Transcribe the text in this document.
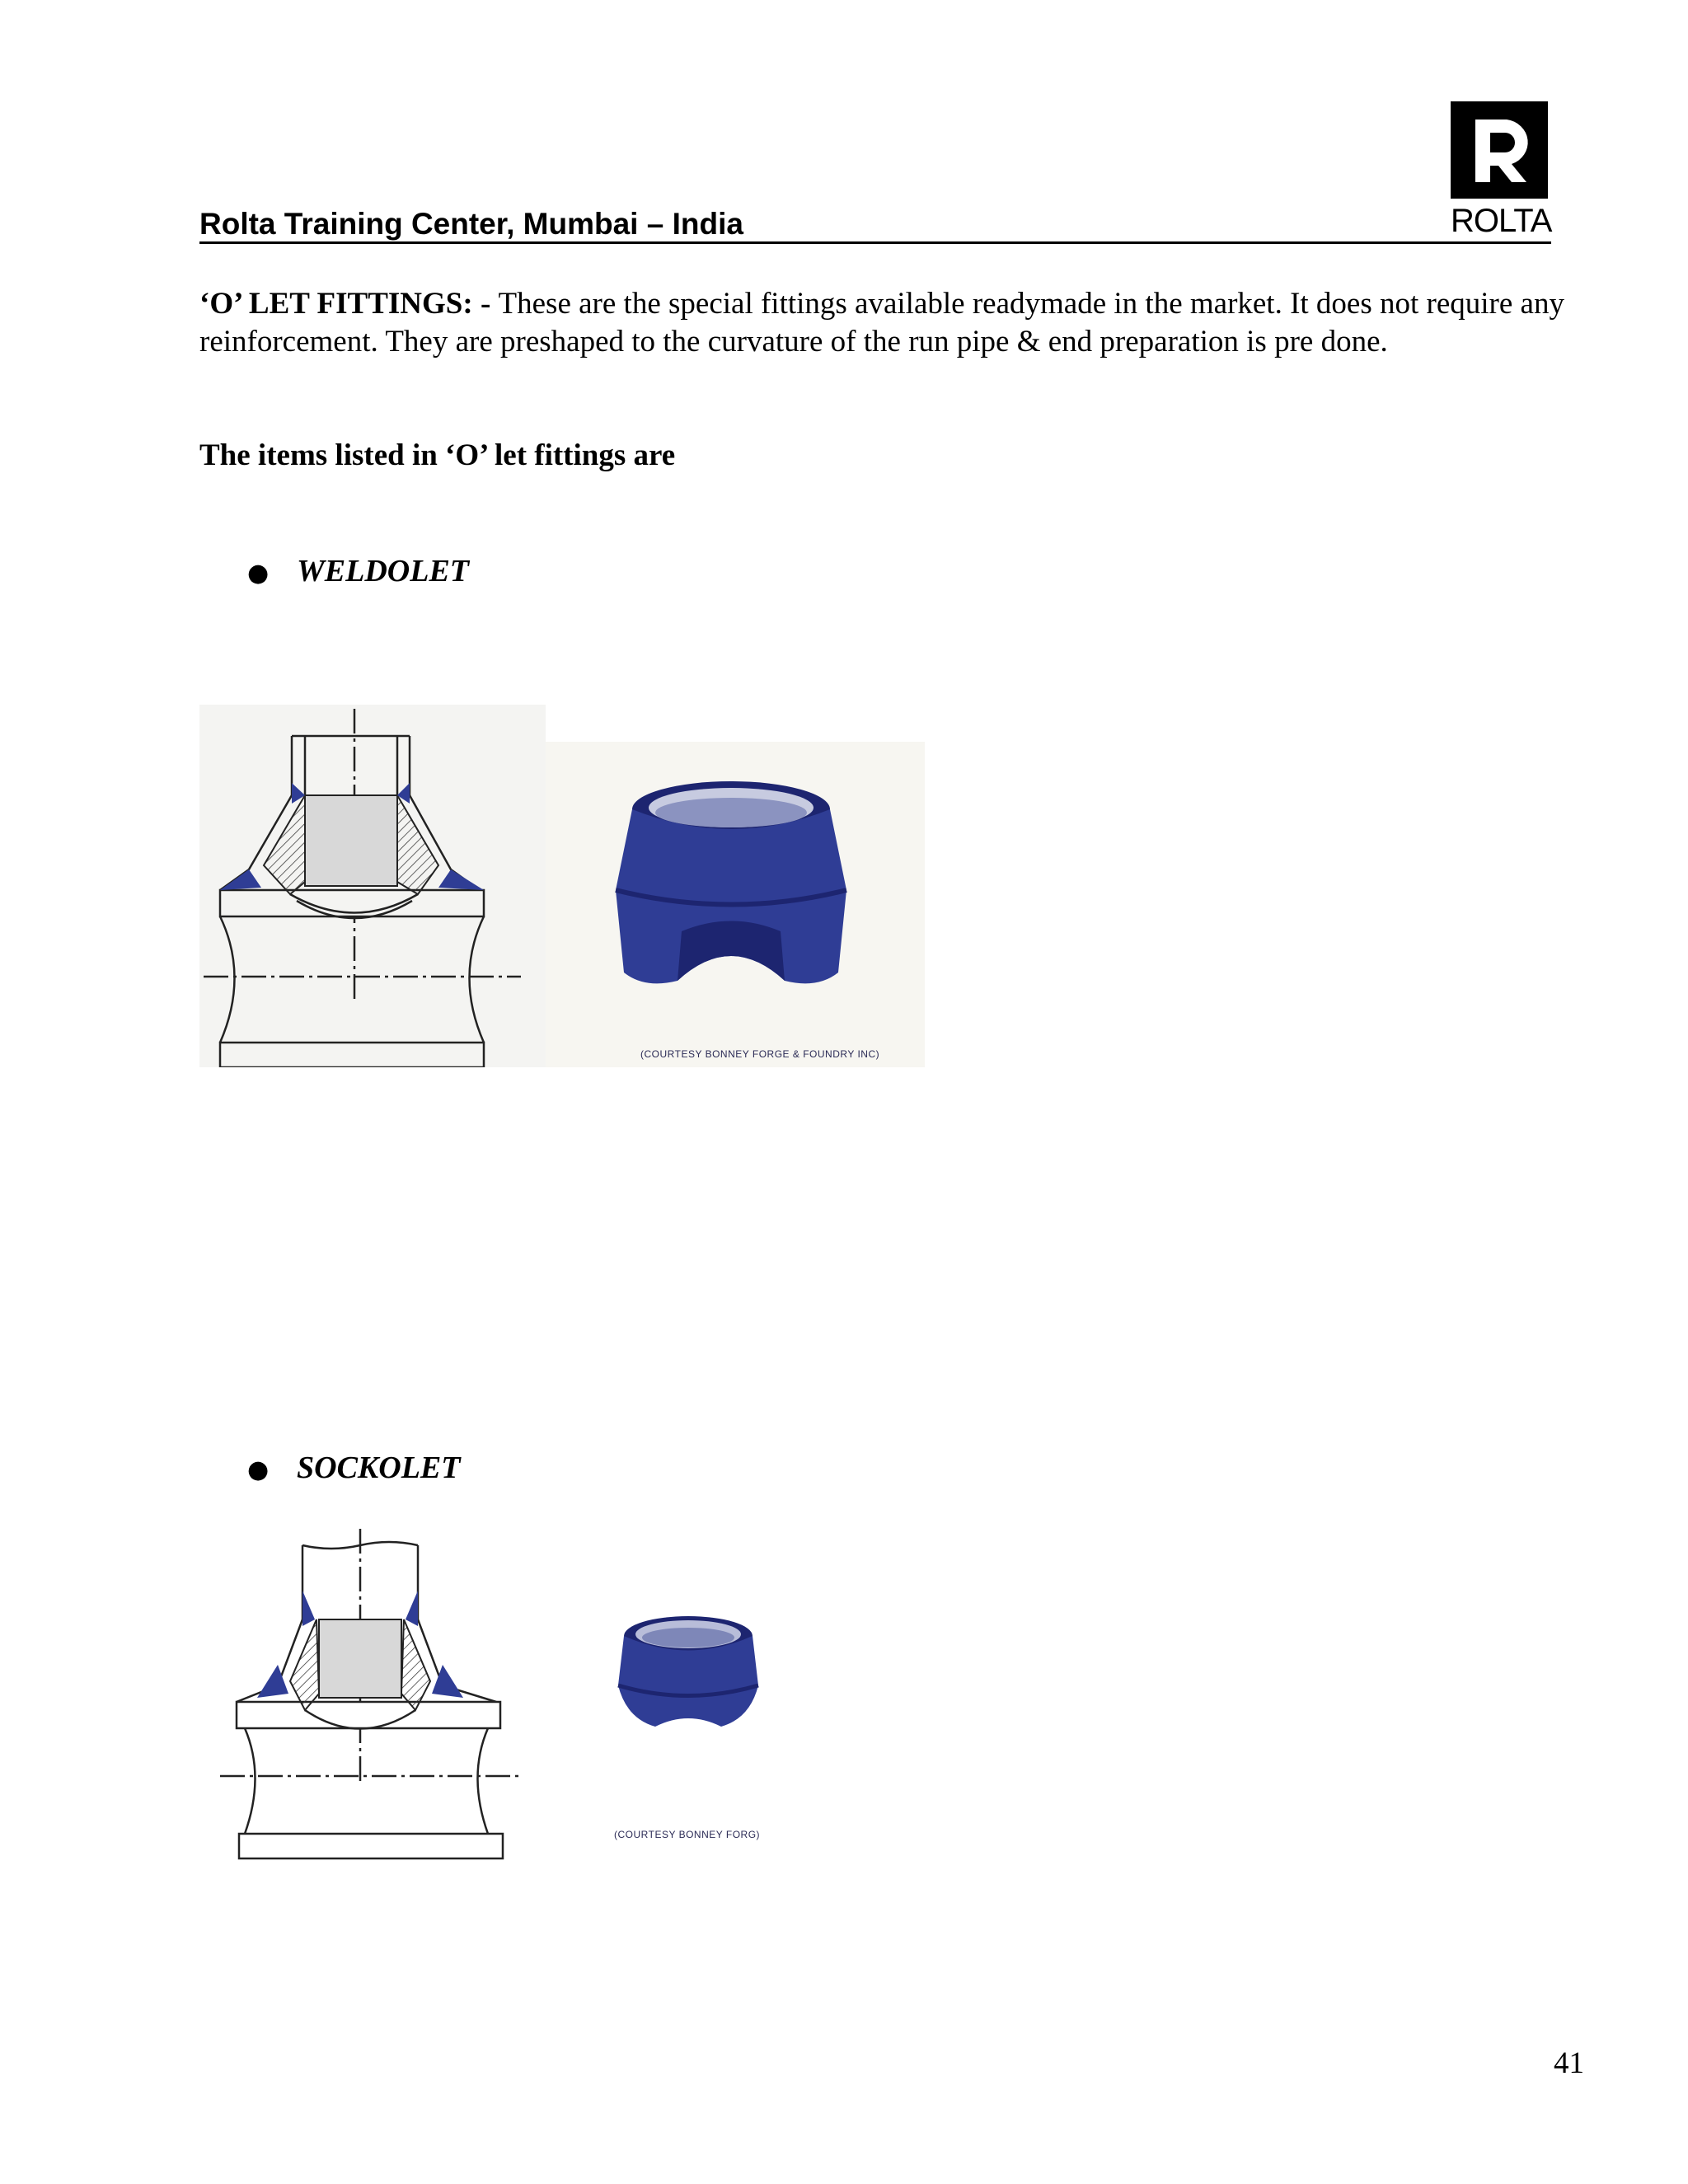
Rolta Training Center, Mumbai – India	ROLTA
‘O’ LET FITTINGS: - These are the special fittings available readymade in the market. It does not require any reinforcement. They are preshaped to the curvature of the run pipe & end preparation is pre done.
The items listed in ‘O’ let fittings are
● WELDOLET
(COURTESY BONNEY FORGE & FOUNDRY INC)
● SOCKOLET
(COURTESY BONNEY FORG)
41
